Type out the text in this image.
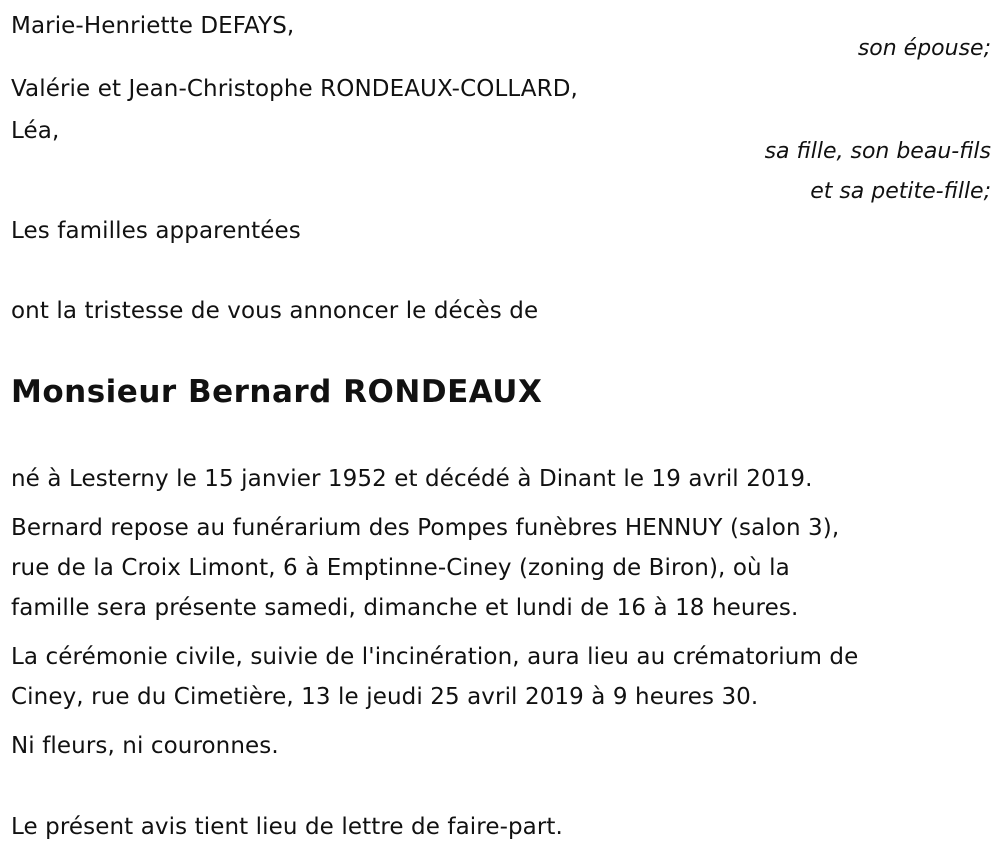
Marie-Henriette DEFAYS,
son épouse;
Valérie et Jean-Christophe RONDEAUX-COLLARD,
Léa,
sa fille, son beau-fils
et sa petite-fille;
Les familles apparentées
ont la tristesse de vous annoncer le décès de
Monsieur Bernard RONDEAUX
né à Lesterny le 15 janvier 1952 et décédé à Dinant le 19 avril 2019.
Bernard repose au funérarium des Pompes funèbres HENNUY (salon 3),
rue de la Croix Limont, 6 à Emptinne-Ciney (zoning de Biron), où la
famille sera présente samedi, dimanche et lundi de 16 à 18 heures.
La cérémonie civile, suivie de l'incinération, aura lieu au crématorium de
Ciney, rue du Cimetière, 13 le jeudi 25 avril 2019 à 9 heures 30.
Ni fleurs, ni couronnes.
Le présent avis tient lieu de lettre de faire-part.
